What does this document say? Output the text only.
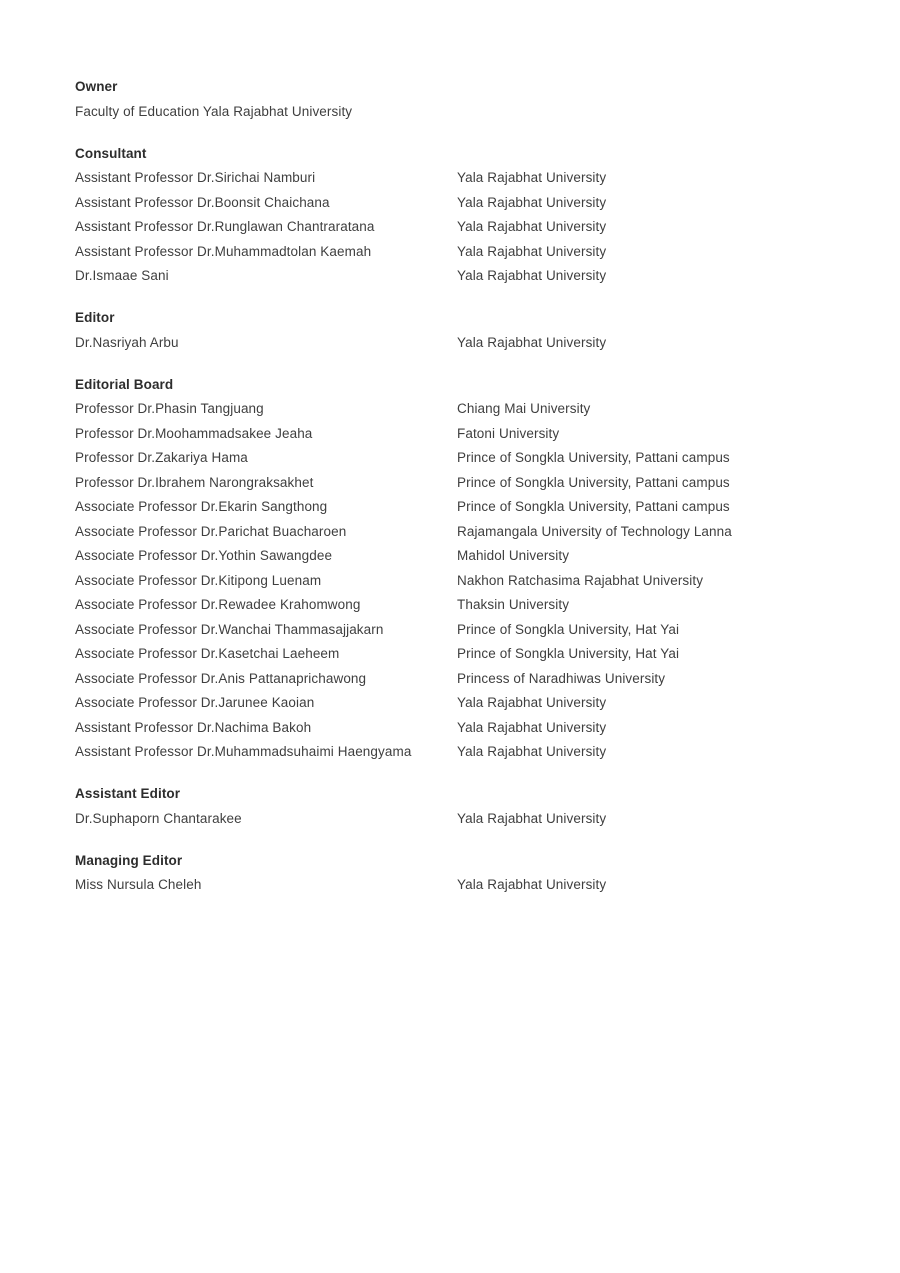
Owner
Faculty of Education Yala Rajabhat University
Consultant
Assistant Professor Dr.Sirichai Namburi	Yala Rajabhat University
Assistant Professor Dr.Boonsit Chaichana	Yala Rajabhat University
Assistant Professor Dr.Runglawan Chantraratana	Yala Rajabhat University
Assistant Professor Dr.Muhammadtolan Kaemah	Yala Rajabhat University
Dr.Ismaae Sani	Yala Rajabhat University
Editor
Dr.Nasriyah Arbu	Yala Rajabhat University
Editorial Board
Professor Dr.Phasin Tangjuang	Chiang Mai University
Professor Dr.Moohammadsakee Jeaha	Fatoni University
Professor Dr.Zakariya Hama	Prince of Songkla University, Pattani campus
Professor Dr.Ibrahem Narongraksakhet	Prince of Songkla University, Pattani campus
Associate Professor Dr.Ekarin Sangthong	Prince of Songkla University, Pattani campus
Associate Professor Dr.Parichat Buacharoen	Rajamangala University of Technology Lanna
Associate Professor Dr.Yothin Sawangdee	Mahidol University
Associate Professor Dr.Kitipong Luenam	Nakhon Ratchasima Rajabhat University
Associate Professor Dr.Rewadee Krahomwong	Thaksin University
Associate Professor Dr.Wanchai Thammasajjakarn	Prince of Songkla University, Hat Yai
Associate Professor Dr.Kasetchai Laeheem	Prince of Songkla University, Hat Yai
Associate Professor Dr.Anis Pattanaprichawong	Princess of Naradhiwas University
Associate Professor Dr.Jarunee Kaoian	Yala Rajabhat University
Assistant Professor Dr.Nachima Bakoh	Yala Rajabhat University
Assistant Professor Dr.Muhammadsuhaimi Haengyama	Yala Rajabhat University
Assistant Editor
Dr.Suphaporn Chantarakee	Yala Rajabhat University
Managing Editor
Miss Nursula Cheleh	Yala Rajabhat University
